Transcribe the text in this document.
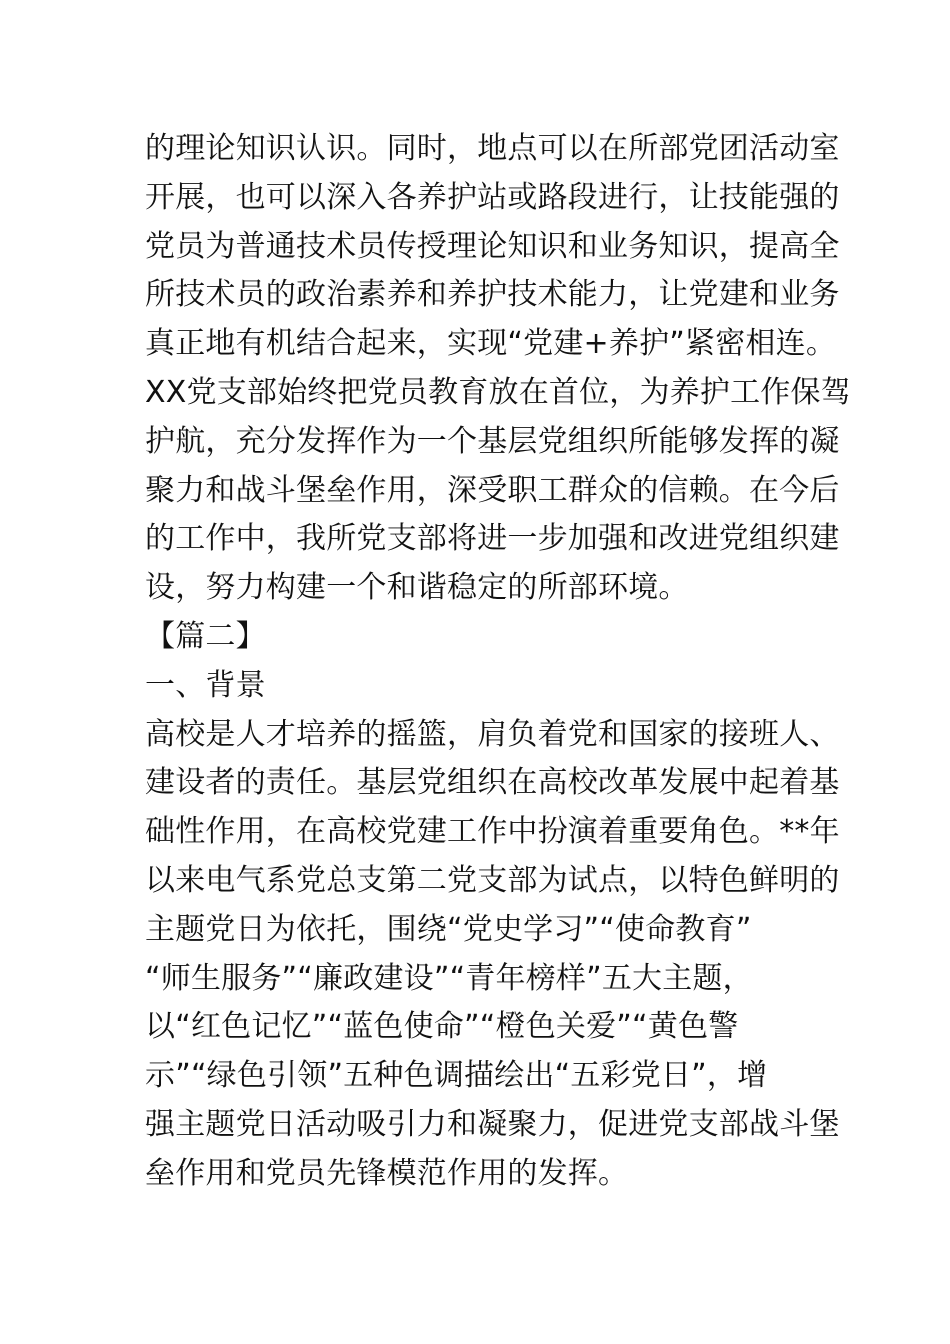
的理论知识认识。同时，地点可以在所部党团活动室
开展，也可以深入各养护站或路段进行，让技能强的
党员为普通技术员传授理论知识和业务知识，提高全
所技术员的政治素养和养护技术能力，让党建和业务
真正地有机结合起来，实现“党建+养护”紧密相连。
XX党支部始终把党员教育放在首位，为养护工作保驾
护航，充分发挥作为一个基层党组织所能够发挥的凝
聚力和战斗堡垒作用，深受职工群众的信赖。在今后
的工作中，我所党支部将进一步加强和改进党组织建
设，努力构建一个和谐稳定的所部环境。
【篇二】
一、背景
高校是人才培养的摇篮，肩负着党和国家的接班人、
建设者的责任。基层党组织在高校改革发展中起着基
础性作用，在高校党建工作中扮演着重要角色。**年
以来电气系党总支第二党支部为试点，以特色鲜明的
主题党日为依托，围绕“党史学习”“使命教育”
“师生服务”“廉政建设”“青年榜样”五大主题，
以“红色记忆”“蓝色使命”“橙色关爱”“黄色警
示”“绿色引领”五种色调描绘出“五彩党日”，增
强主题党日活动吸引力和凝聚力，促进党支部战斗堡
垒作用和党员先锋模范作用的发挥。
